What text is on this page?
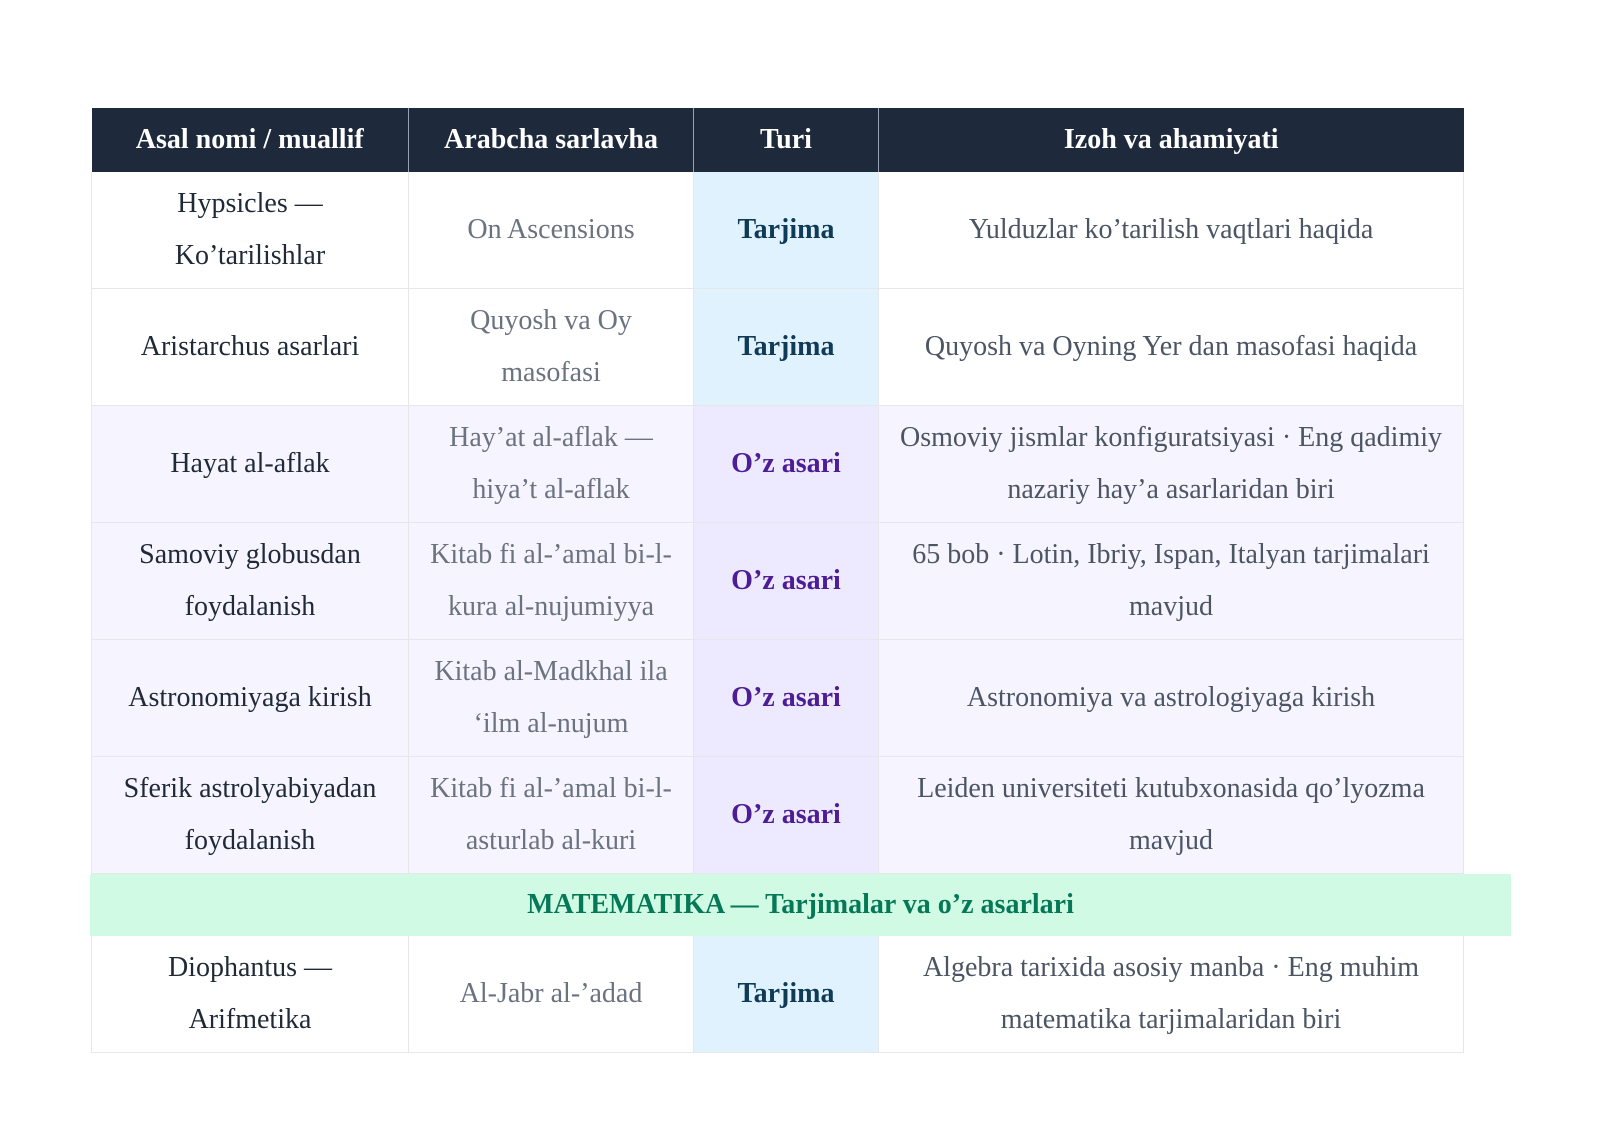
Asal nomi / muallif	Arabcha sarlavha	Turi	Izoh va ahamiyati
Hypsicles — Ko’tarilishlar	On Ascensions	Tarjima	Yulduzlar ko’tarilish vaqtlari haqida
Aristarchus asarlari	Quyosh va Oy masofasi	Tarjima	Quyosh va Oyning Yer dan masofasi haqida
Hayat al-aflak	Hay’at al-aflak — hiya’t al-aflak	O’z asari	Osmoviy jismlar konfiguratsiyasi · Eng qadimiy nazariy hay’a asarlaridan biri
Samoviy globusdan foydalanish	Kitab fi al-’amal bi-l-kura al-nujumiyya	O’z asari	65 bob · Lotin, Ibriy, Ispan, Italyan tarjimalari mavjud
Astronomiyaga kirish	Kitab al-Madkhal ila ‘ilm al-nujum	O’z asari	Astronomiya va astrologiyaga kirish
Sferik astrolyabiyadan foydalanish	Kitab fi al-’amal bi-l-asturlab al-kuri	O’z asari	Leiden universiteti kutubxonasida qo’lyozma mavjud
MATEMATIKA — Tarjimalar va o’z asarlari
Diophantus — Arifmetika	Al-Jabr al-’adad	Tarjima	Algebra tarixida asosiy manba · Eng muhim matematika tarjimalaridan biri
